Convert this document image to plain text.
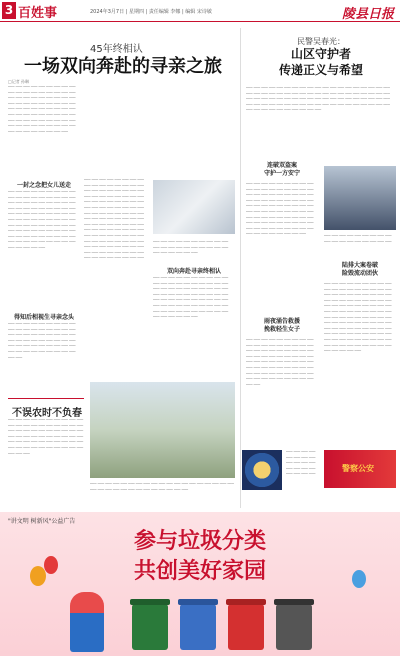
3 百姓事	2024年3月7日 | 星期四 | 责任编辑 李娜 | 编辑 宋诗敏	陵县日报
45年终相认
一场双向奔赴的寻亲之旅
□记者 孙琳
─── ─── ─── ─── ─── ─── ─── ─── ─── ─── ─── ─── ─── ─── ─── ─── ─── ─── ─── ─── ─── ─── ─── ─── ─── ─── ─── ─── ─── ─── ─── ─── ─── ─── ─── ─── ─── ─── ─── ─── ─── ─── ─── ─── ─── ─── ─── ─── ─── ─── ─── ─── ─── ─── ─── ─── ─── ─── ─── ─── ─── ─── ─── ─── ─── ─── ─── ─── ─── ─── ─── ─── ─── ─── ─── ─── ─── ─── ─── ───
一封之念把女儿送走
─── ─── ─── ─── ─── ─── ─── ─── ─── ─── ─── ─── ─── ─── ─── ─── ─── ─── ─── ─── ─── ─── ─── ─── ─── ─── ─── ─── ─── ─── ─── ─── ─── ─── ─── ─── ─── ─── ─── ─── ─── ─── ─── ─── ─── ─── ─── ─── ─── ─── ─── ─── ─── ─── ─── ─── ─── ─── ─── ─── ─── ─── ─── ─── ─── ─── ─── ─── ─── ─── ─── ─── ─── ─── ─── ─── ─── ─── ─── ─── ─── ─── ─── ─── ─── ─── ─── ─── ─── ─── ─── ─── ─── ─── ───
得知后相视生寻亲念头
─── ─── ─── ─── ─── ─── ─── ─── ─── ─── ─── ─── ─── ─── ─── ─── ─── ─── ─── ─── ─── ─── ─── ─── ─── ─── ─── ─── ─── ─── ─── ─── ─── ─── ─── ─── ─── ─── ─── ─── ─── ─── ─── ─── ─── ─── ─── ─── ─── ─── ─── ─── ─── ─── ─── ───
─── ─── ─── ─── ─── ─── ─── ─── ─── ─── ─── ─── ─── ─── ─── ─── ─── ─── ─── ─── ─── ─── ─── ─── ─── ─── ─── ─── ─── ─── ─── ─── ─── ─── ─── ─── ─── ─── ─── ─── ─── ─── ─── ─── ─── ─── ─── ─── ─── ─── ─── ─── ─── ─── ─── ─── ─── ─── ─── ─── ─── ─── ─── ─── ─── ─── ─── ─── ─── ─── ─── ─── ─── ─── ─── ─── ─── ─── ─── ─── ─── ─── ─── ─── ─── ─── ─── ─── ─── ─── ─── ─── ─── ─── ─── ─── ─── ─── ─── ─── ─── ─── ─── ─── ─── ─── ─── ─── ─── ─── ─── ─── ─── ─── ─── ─── ─── ─── ─── ───
双向奔赴寻亲终相认
─── ─── ─── ─── ─── ─── ─── ─── ─── ─── ─── ─── ─── ─── ─── ─── ─── ─── ─── ─── ─── ─── ─── ─── ─── ───
─── ─── ─── ─── ─── ─── ─── ─── ─── ─── ─── ─── ─── ─── ─── ─── ─── ─── ─── ─── ─── ─── ─── ─── ─── ─── ─── ─── ─── ─── ─── ─── ─── ─── ─── ─── ─── ─── ─── ─── ─── ─── ─── ─── ─── ─── ─── ─── ─── ─── ─── ─── ─── ─── ─── ─── ─── ─── ─── ─── ─── ─── ─── ─── ─── ─── ─── ─── ─── ─── ─── ─── ─── ─── ─── ───
不误农时不负春
─── ─── ─── ─── ─── ─── ─── ─── ─── ─── ─── ─── ─── ─── ─── ─── ─── ─── ─── ─── ─── ─── ─── ─── ─── ─── ─── ─── ─── ─── ─── ─── ─── ─── ─── ─── ─── ─── ─── ─── ─── ─── ─── ─── ─── ─── ─── ─── ─── ─── ─── ─── ─── ─── ─── ─── ─── ─── ─── ─── ─── ─── ───
─── ─── ─── ─── ─── ─── ─── ─── ─── ─── ─── ─── ─── ─── ─── ─── ─── ─── ─── ─── ─── ─── ─── ─── ─── ─── ─── ─── ─── ─── ─── ───
民警吴春光：
山区守护者
传递正义与希望
─── ─── ─── ─── ─── ─── ─── ─── ─── ─── ─── ─── ─── ─── ─── ─── ─── ─── ─── ─── ─── ─── ─── ─── ─── ─── ─── ─── ─── ─── ─── ─── ─── ─── ─── ─── ─── ─── ─── ─── ─── ─── ─── ─── ─── ─── ─── ─── ─── ─── ─── ─── ─── ─── ─── ─── ─── ─── ─── ─── ─── ─── ─── ─── ─── ─── ─── ─── ─── ─── ─── ─── ─── ─── ─── ─── ─── ─── ─── ─── ─── ─── ─── ─── ─── ───
连破双盗案
守护一方安宁
─── ─── ─── ─── ─── ─── ─── ─── ─── ─── ─── ─── ─── ─── ─── ─── ─── ─── ─── ─── ─── ─── ─── ─── ─── ─── ─── ─── ─── ─── ─── ─── ─── ─── ─── ─── ─── ─── ─── ─── ─── ─── ─── ─── ─── ─── ─── ─── ─── ─── ─── ─── ─── ─── ─── ─── ─── ─── ─── ─── ─── ─── ─── ─── ─── ─── ─── ─── ─── ─── ─── ─── ─── ─── ─── ─── ─── ─── ─── ─── ─── ─── ─── ─── ─── ─── ─── ─── ───	─── ─── ─── ─── ─── ─── ─── ─── ─── ─── ─── ─── ─── ─── ─── ─── ─── ───
陆排大案卷破
险毁流动团伙
─── ─── ─── ─── ─── ─── ─── ─── ─── ─── ─── ─── ─── ─── ─── ─── ─── ─── ─── ─── ─── ─── ─── ─── ─── ─── ─── ─── ─── ─── ─── ─── ─── ─── ─── ─── ─── ─── ─── ─── ─── ─── ─── ─── ─── ─── ─── ─── ─── ─── ─── ─── ─── ─── ─── ─── ─── ─── ─── ─── ─── ─── ─── ─── ─── ─── ─── ─── ─── ─── ─── ─── ─── ─── ─── ─── ─── ─── ─── ─── ─── ─── ─── ─── ─── ─── ─── ─── ─── ─── ─── ─── ─── ─── ─── ─── ─── ─── ─── ─── ─── ─── ─── ─── ─── ─── ─── ─── ─── ─── ─── ─── ───
雨夜涌告救援
挽救轻生女子
─── ─── ─── ─── ─── ─── ─── ─── ─── ─── ─── ─── ─── ─── ─── ─── ─── ─── ─── ─── ─── ─── ─── ─── ─── ─── ─── ─── ─── ─── ─── ─── ─── ─── ─── ─── ─── ─── ─── ─── ─── ─── ─── ─── ─── ─── ─── ─── ─── ─── ─── ─── ─── ─── ─── ─── ─── ─── ─── ─── ─── ─── ─── ─── ─── ─── ─── ─── ─── ─── ─── ─── ─── ───
─── ─── ─── ─── ─── ─── ─── ─── ─── ─── ─── ─── ─── ─── ─── ─── ─── ─── ─── ───
警察公安
"讲文明 树新风"公益广告
参与垃圾分类
共创美好家园
